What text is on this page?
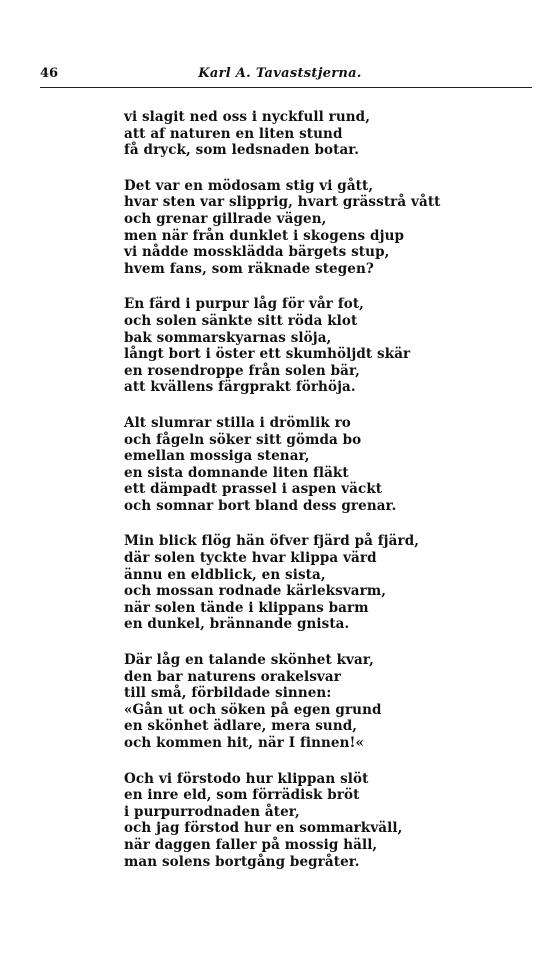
46	Karl A. Tavaststjerna.
vi slagit ned oss i nyckfull rund,
att af naturen en liten stund
få dryck, som ledsnaden botar.
Det var en mödosam stig vi gått,
hvar sten var slipprig, hvart grässtrå vått
och grenar gillrade vägen,
men när från dunklet i skogens djup
vi nådde mossklädda bärgets stup,
hvem fans, som räknade stegen?
En färd i purpur låg för vår fot,
och solen sänkte sitt röda klot
bak sommarskyarnas slöja,
långt bort i öster ett skumhöljdt skär
en rosendroppe från solen bär,
att kvällens färgprakt förhöja.
Alt slumrar stilla i drömlik ro
och fågeln söker sitt gömda bo
emellan mossiga stenar,
en sista domnande liten fläkt
ett dämpadt prassel i aspen väckt
och somnar bort bland dess grenar.
Min blick flög hän öfver fjärd på fjärd,
där solen tyckte hvar klippa värd
ännu en eldblick, en sista,
och mossan rodnade kärleksvarm,
när solen tände i klippans barm
en dunkel, brännande gnista.
Där låg en talande skönhet kvar,
den bar naturens orakelsvar
till små, förbildade sinnen:
«Gån ut och söken på egen grund
en skönhet ädlare, mera sund,
och kommen hit, när I finnen!«
Och vi förstodo hur klippan slöt
en inre eld, som förrädisk bröt
i purpurrodnaden åter,
och jag förstod hur en sommarkväll,
när daggen faller på mossig häll,
man solens bortgång begråter.
